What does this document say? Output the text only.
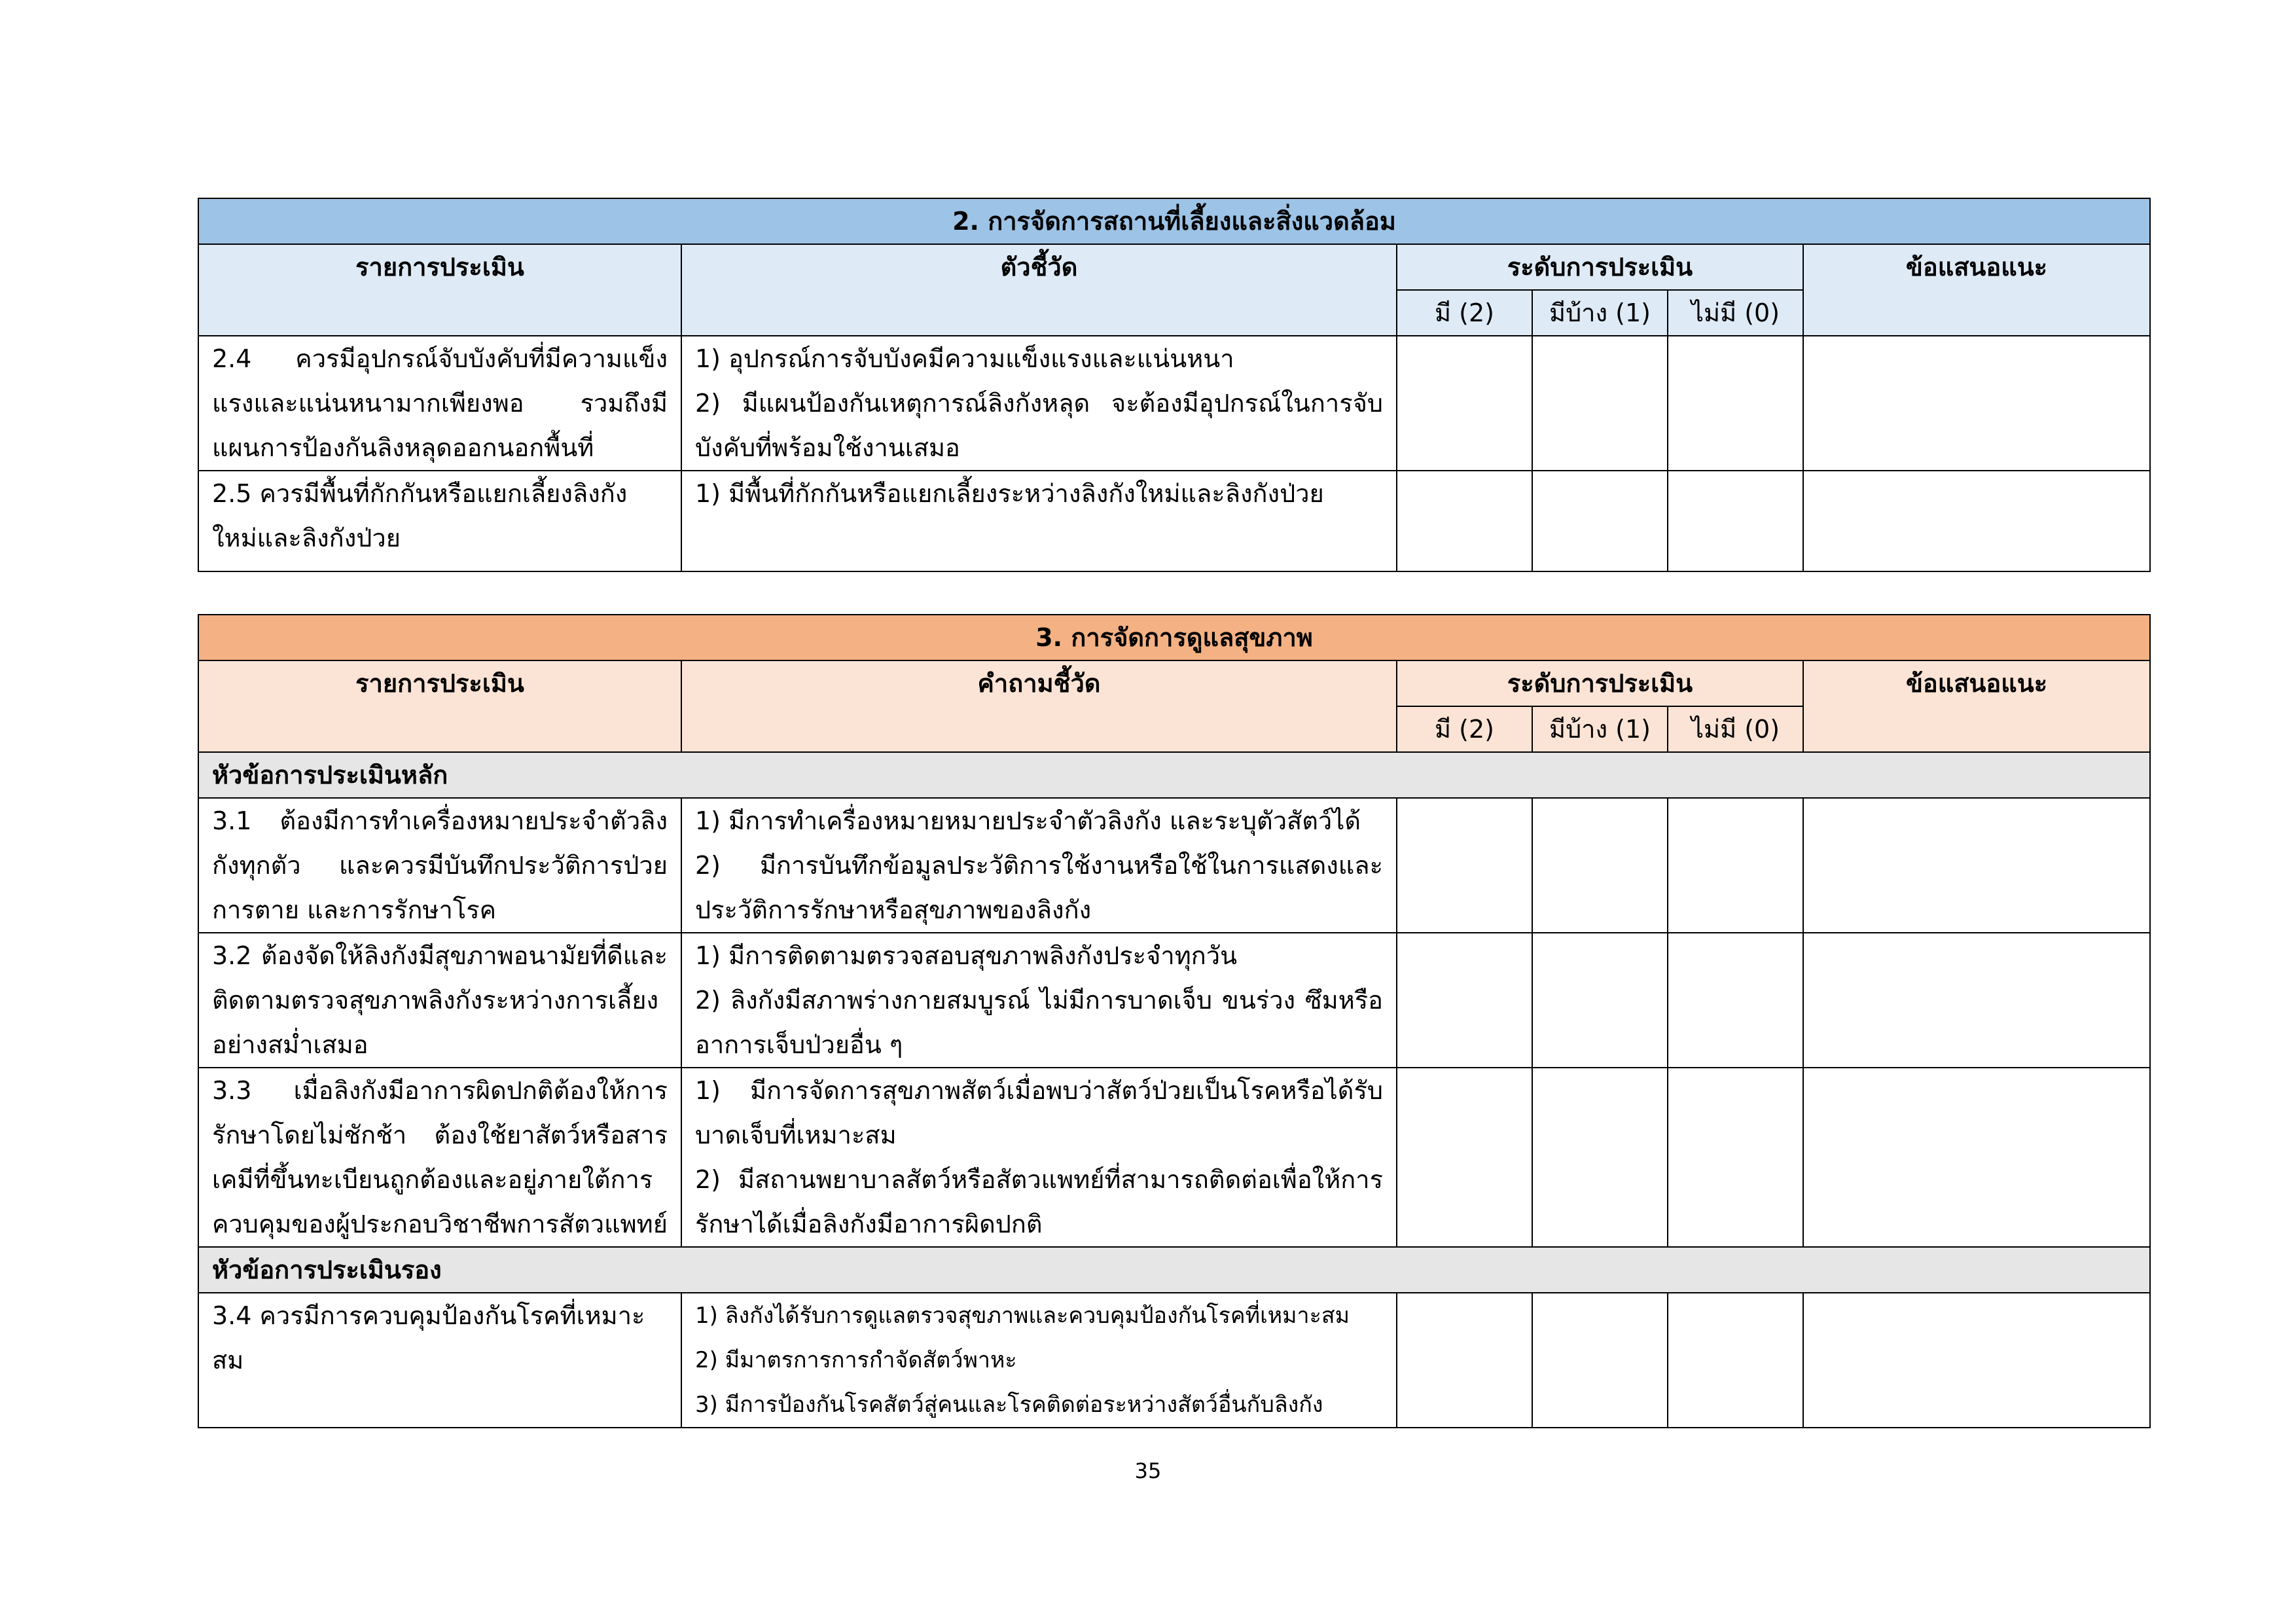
2. การจัดการสถานที่เลี้ยงและสิ่งแวดล้อม					
รายการประเมิน	ตัวชี้วัด	ระดับการประเมิน			ข้อแสนอแนะ
		มี (2)	มีบ้าง (1)	ไม่มี (0)	

2.4 ควรมีอุปกรณ์จับบังคับที่มีความแข็งแรงและแน่นหนามากเพียงพอ รวมถึงมีแผนการป้องกันลิงหลุดออกนอกพื้นที่	1) อุปกรณ์การจับบังคมีความแข็งแรงและแน่นหนา
2) มีแผนป้องกันเหตุการณ์ลิงกังหลุด จะต้องมีอุปกรณ์ในการจับบังคับที่พร้อมใช้งานเสมอ				

2.5 ควรมีพื้นที่กักกันหรือแยกเลี้ยงลิงกังใหม่และลิงกังป่วย	1) มีพื้นที่กักกันหรือแยกเลี้ยงระหว่างลิงกังใหม่และลิงกังป่วย				

3. การจัดการดูแลสุขภาพ					
รายการประเมิน	คำถามชี้วัด	ระดับการประเมิน			ข้อแสนอแนะ
		มี (2)	มีบ้าง (1)	ไม่มี (0)	
หัวข้อการประเมินหลัก					

3.1 ต้องมีการทำเครื่องหมายประจำตัวลิงกังทุกตัว และควรมีบันทึกประวัติการป่วย การตาย และการรักษาโรค	1) มีการทำเครื่องหมายหมายประจำตัวลิงกัง และระบุตัวสัตว์ได้
2) มีการบันทึกข้อมูลประวัติการใช้งานหรือใช้ในการแสดงและประวัติการรักษาหรือสุขภาพของลิงกัง				

3.2 ต้องจัดให้ลิงกังมีสุขภาพอนามัยที่ดีและติดตามตรวจสุขภาพลิงกังระหว่างการเลี้ยงอย่างสม่ำเสมอ	1) มีการติดตามตรวจสอบสุขภาพลิงกังประจำทุกวัน
2) ลิงกังมีสภาพร่างกายสมบูรณ์ ไม่มีการบาดเจ็บ ขนร่วง ซึมหรืออาการเจ็บป่วยอื่น ๆ				

3.3 เมื่อลิงกังมีอาการผิดปกติต้องให้การรักษาโดยไม่ชักช้า ต้องใช้ยาสัตว์หรือสารเคมีที่ขึ้นทะเบียนถูกต้องและอยู่ภายใต้การควบคุมของผู้ประกอบวิชาชีพการสัตวแพทย์	1) มีการจัดการสุขภาพสัตว์เมื่อพบว่าสัตว์ป่วยเป็นโรคหรือได้รับบาดเจ็บที่เหมาะสม
2) มีสถานพยาบาลสัตว์หรือสัตวแพทย์ที่สามารถติดต่อเพื่อให้การรักษาได้เมื่อลิงกังมีอาการผิดปกติ				

หัวข้อการประเมินรอง					

3.4 ควรมีการควบคุมป้องกันโรคที่เหมาะสม	1) ลิงกังได้รับการดูแลตรวจสุขภาพและควบคุมป้องกันโรคที่เหมาะสม
2) มีมาตรการการกำจัดสัตว์พาหะ
3) มีการป้องกันโรคสัตว์สู่คนและโรคติดต่อระหว่างสัตว์อื่นกับลิงกัง				

35
